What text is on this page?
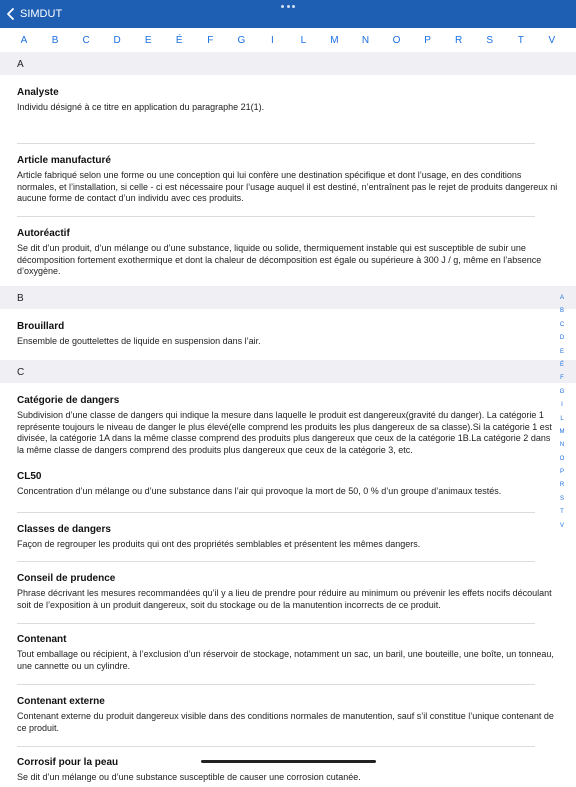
SIMDUT
A	B	C	D	E	É	F	G	I	L	M	N	O	P	R	S	T	V
A
Analyste
Individu désigné à ce titre en application du paragraphe 21(1).
Article manufacturé
Article fabriqué selon une forme ou une conception qui lui confère une destination spécifique et dont l’usage, en des conditions normales, et l’installation, si celle - ci est nécessaire pour l’usage auquel il est destiné, n’entraînent pas le rejet de produits dangereux ni aucune forme de contact d’un individu avec ces produits.
Autoréactif
Se dit d’un produit, d’un mélange ou d’une substance, liquide ou solide, thermiquement instable qui est susceptible de subir une décomposition fortement exothermique et dont la chaleur de décomposition est égale ou supérieure à 300 J / g, même en l’absence d’oxygène.
B
Brouillard
Ensemble de gouttelettes de liquide en suspension dans l’air.
C
Catégorie de dangers
Subdivision d’une classe de dangers qui indique la mesure dans laquelle le produit est dangereux(gravité du danger). La catégorie 1 représente toujours le niveau de danger le plus élevé(elle comprend les produits les plus dangereux de sa classe).Si la catégorie 1 est divisée, la catégorie 1A dans la même classe comprend des produits plus dangereux que ceux de la catégorie 1B.La catégorie 2 dans la même classe de dangers comprend des produits plus dangereux que ceux de la catégorie 3, etc.
CL50
Concentration d’un mélange ou d’une substance dans l’air qui provoque la mort de 50, 0 % d’un groupe d’animaux testés.
Classes de dangers
Façon de regrouper les produits qui ont des propriétés semblables et présentent les mêmes dangers.
Conseil de prudence
Phrase décrivant les mesures recommandées qu’il y a lieu de prendre pour réduire au minimum ou prévenir les effets nocifs découlant soit de l’exposition à un produit dangereux, soit du stockage ou de la manutention incorrects de ce produit.
Contenant
Tout emballage ou récipient, à l’exclusion d’un réservoir de stockage, notamment un sac, un baril, une bouteille, une boîte, un tonneau, une cannette ou un cylindre.
Contenant externe
Contenant externe du produit dangereux visible dans des conditions normales de manutention, sauf s’il constitue l’unique contenant de ce produit.
Corrosif pour la peau
Se dit d’un mélange ou d’une substance susceptible de causer une corrosion cutanée.
A
B
C
D
E
É
F
G
I
L
M
N
O
P
R
S
T
V
